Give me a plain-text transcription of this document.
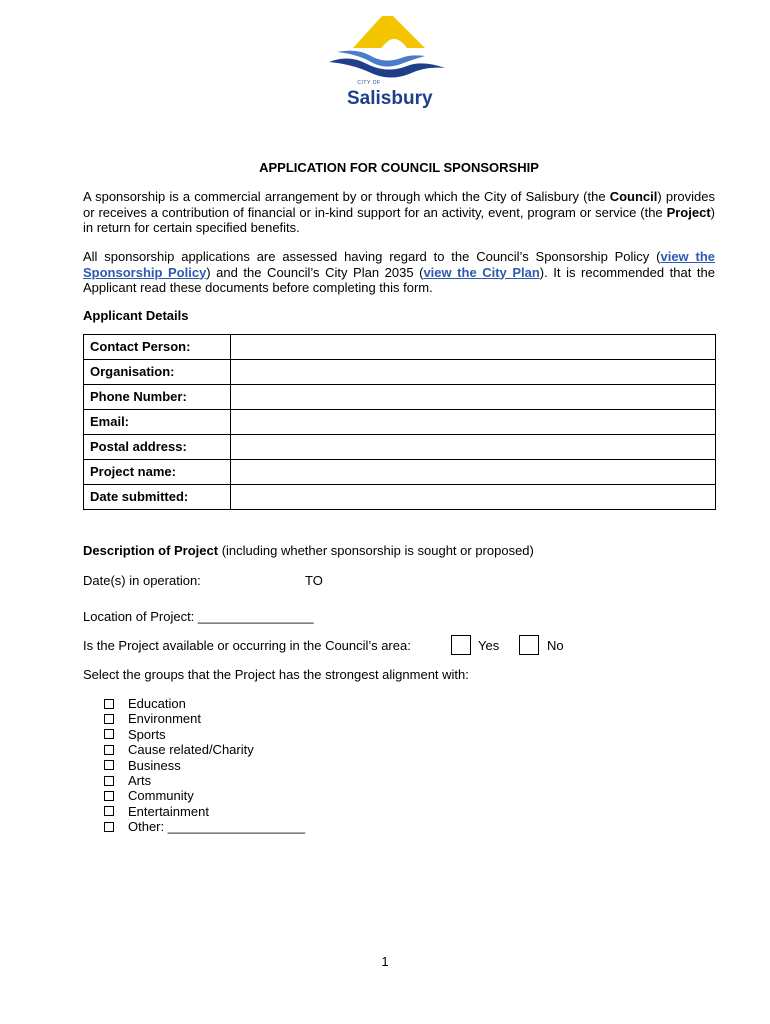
CITY OF
Salisbury
APPLICATION FOR COUNCIL SPONSORSHIP

A sponsorship is a commercial arrangement by or through which the City of Salisbury (the Council) provides or receives a contribution of financial or in-kind support for an activity, event, program or service (the Project) in return for certain specified benefits.

All sponsorship applications are assessed having regard to the Council’s Sponsorship Policy (view the Sponsorship Policy) and the Council’s City Plan 2035 (view the City Plan). It is recommended that the Applicant read these documents before completing this form.

Applicant Details
Contact Person:	
Organisation:	
Phone Number:	
Email:	
Postal address:	
Project name:	
Date submitted:	
Description of Project (including whether sponsorship is sought or proposed)
Date(s) in operation:	TO
Location of Project: ________________
Is the Project available or occurring in the Council’s area:	Yes	No
Select the groups that the Project has the strongest alignment with:
Education
Environment
Sports
Cause related/Charity
Business
Arts
Community
Entertainment
Other: ___________________
1
